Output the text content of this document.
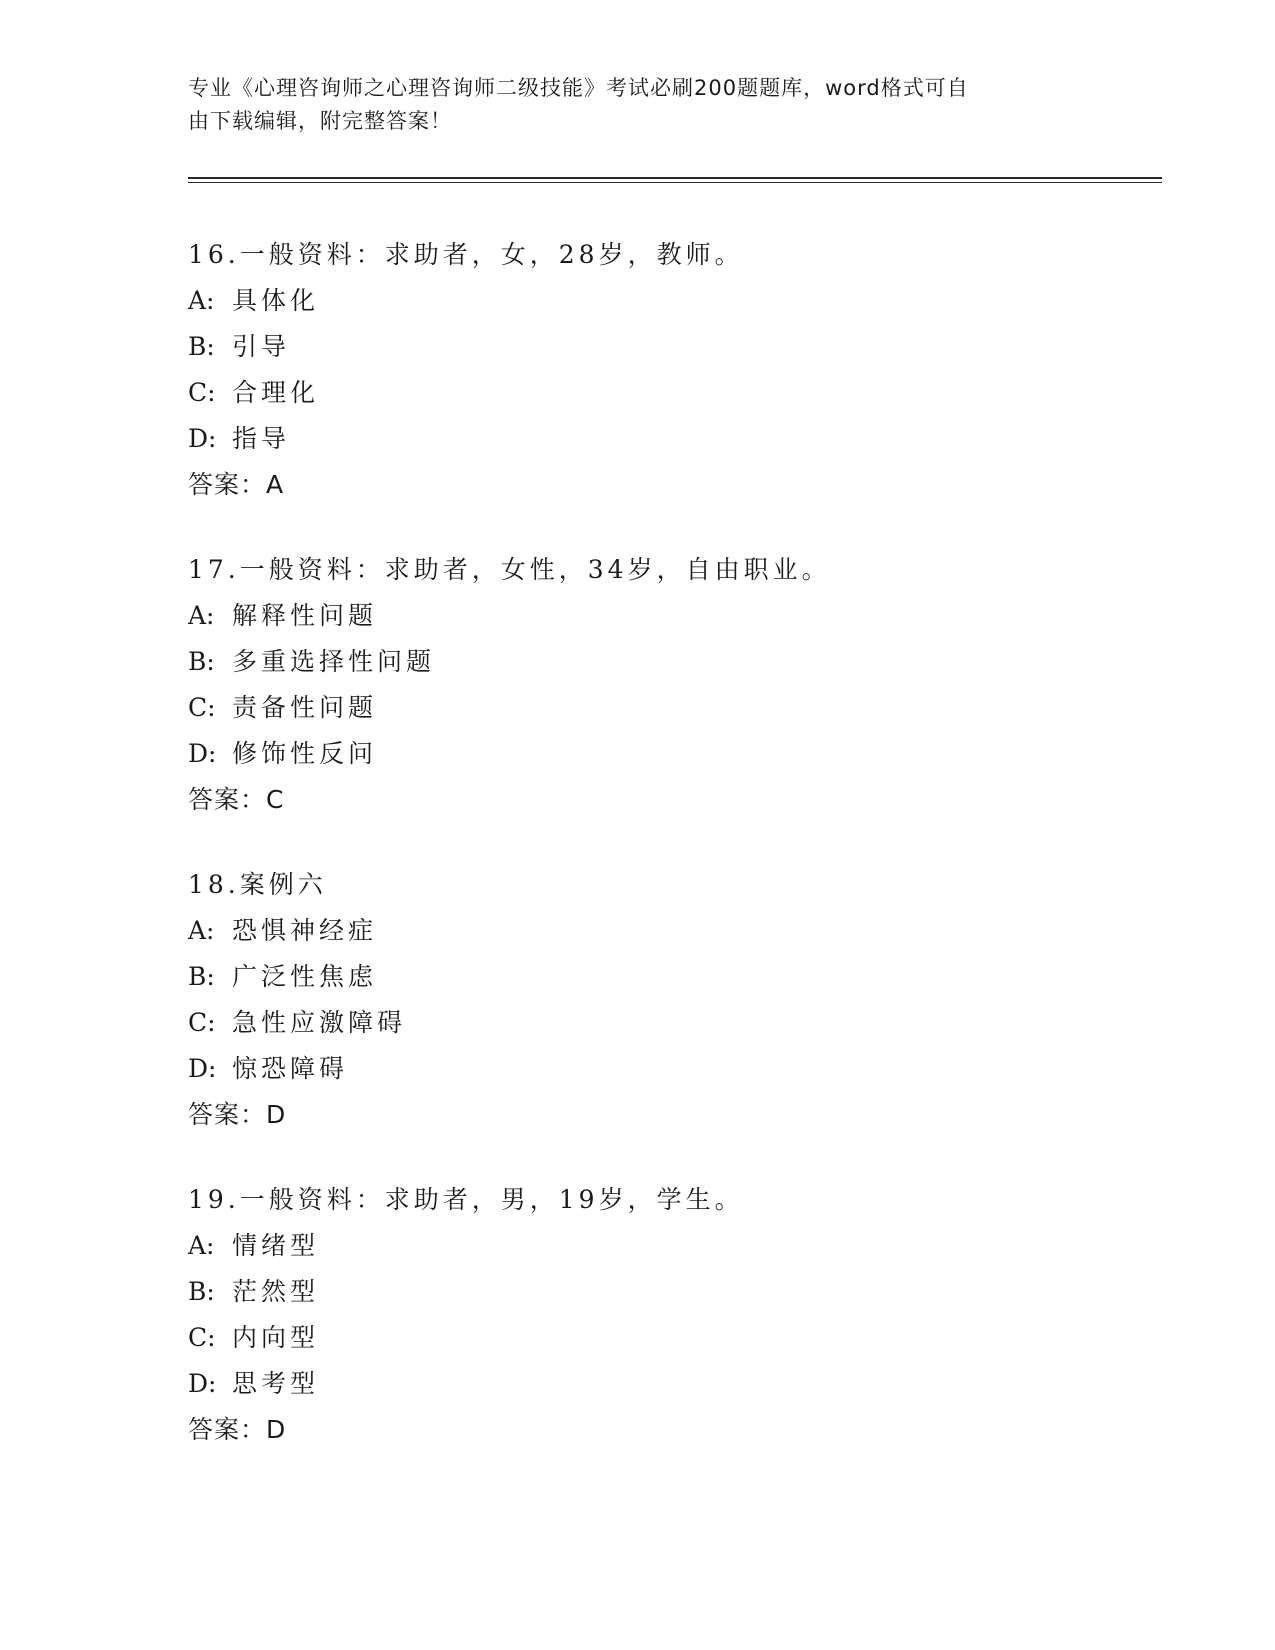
专业《心理咨询师之心理咨询师二级技能》考试必刷200题题库，word格式可自
由下载编辑，附完整答案！
16.一般资料：求助者，女，28岁，教师。
A: 具体化
B: 引导
C: 合理化
D: 指导
答案：A
17.一般资料：求助者，女性，34岁，自由职业。
A: 解释性问题
B: 多重选择性问题
C: 责备性问题
D: 修饰性反问
答案：C
18.案例六
A: 恐惧神经症
B: 广泛性焦虑
C: 急性应激障碍
D: 惊恐障碍
答案：D
19.一般资料：求助者，男，19岁，学生。
A: 情绪型
B: 茫然型
C: 内向型
D: 思考型
答案：D
